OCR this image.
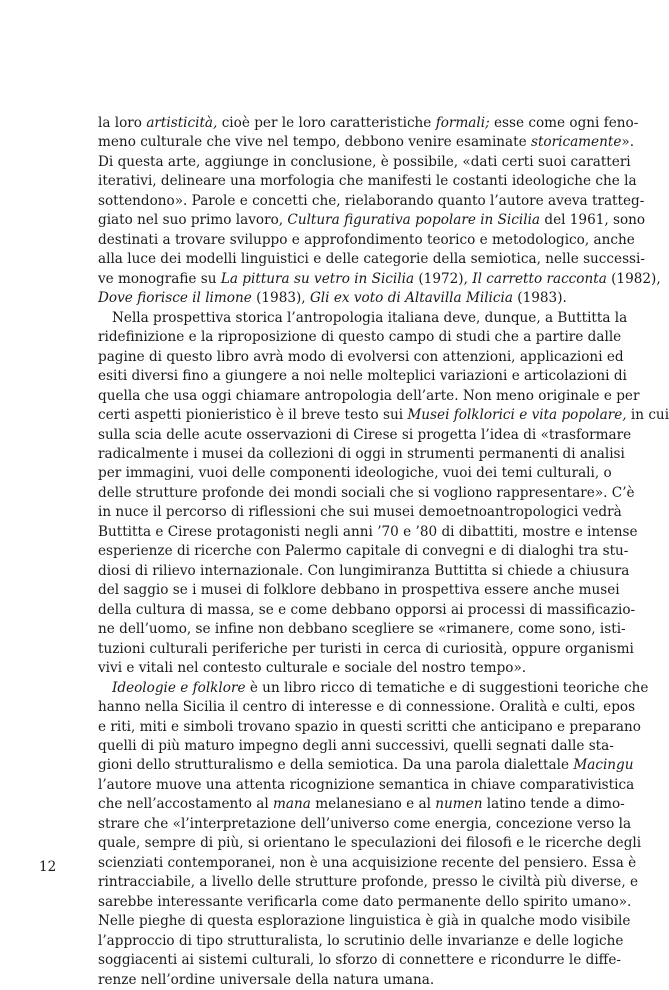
la loro artisticità, cioè per le loro caratteristiche formali; esse come ogni feno-
meno culturale che vive nel tempo, debbono venire esaminate storicamente».
Di questa arte, aggiunge in conclusione, è possibile, «dati certi suoi caratteri
iterativi, delineare una morfologia che manifesti le costanti ideologiche che la
sottendono». Parole e concetti che, rielaborando quanto l’autore aveva tratteg-
giato nel suo primo lavoro, Cultura figurativa popolare in Sicilia del 1961, sono
destinati a trovare sviluppo e approfondimento teorico e metodologico, anche
alla luce dei modelli linguistici e delle categorie della semiotica, nelle successi-
ve monografie su La pittura su vetro in Sicilia (1972), Il carretto racconta (1982),
Dove fiorisce il limone (1983), Gli ex voto di Altavilla Milicia (1983).
Nella prospettiva storica l’antropologia italiana deve, dunque, a Buttitta la
ridefinizione e la riproposizione di questo campo di studi che a partire dalle
pagine di questo libro avrà modo di evolversi con attenzioni, applicazioni ed
esiti diversi fino a giungere a noi nelle molteplici variazioni e articolazioni di
quella che usa oggi chiamare antropologia dell’arte. Non meno originale e per
certi aspetti pionieristico è il breve testo sui Musei folklorici e vita popolare, in cui
sulla scia delle acute osservazioni di Cirese si progetta l’idea di «trasformare
radicalmente i musei da collezioni di oggi in strumenti permanenti di analisi
per immagini, vuoi delle componenti ideologiche, vuoi dei temi culturali, o
delle strutture profonde dei mondi sociali che si vogliono rappresentare». C’è
in nuce il percorso di riflessioni che sui musei demoetnoantropologici vedrà
Buttitta e Cirese protagonisti negli anni ’70 e ’80 di dibattiti, mostre e intense
esperienze di ricerche con Palermo capitale di convegni e di dialoghi tra stu-
diosi di rilievo internazionale. Con lungimiranza Buttitta si chiede a chiusura
del saggio se i musei di folklore debbano in prospettiva essere anche musei
della cultura di massa, se e come debbano opporsi ai processi di massificazio-
ne dell’uomo, se infine non debbano scegliere se «rimanere, come sono, isti-
tuzioni culturali periferiche per turisti in cerca di curiosità, oppure organismi
vivi e vitali nel contesto culturale e sociale del nostro tempo».
Ideologie e folklore è un libro ricco di tematiche e di suggestioni teoriche che
hanno nella Sicilia il centro di interesse e di connessione. Oralità e culti, epos
e riti, miti e simboli trovano spazio in questi scritti che anticipano e preparano
quelli di più maturo impegno degli anni successivi, quelli segnati dalle sta-
gioni dello strutturalismo e della semiotica. Da una parola dialettale Macingu
l’autore muove una attenta ricognizione semantica in chiave comparativistica
che nell’accostamento al mana melanesiano e al numen latino tende a dimo-
strare che «l’interpretazione dell’universo come energia, concezione verso la
quale, sempre di più, si orientano le speculazioni dei filosofi e le ricerche degli
scienziati contemporanei, non è una acquisizione recente del pensiero. Essa è
rintracciabile, a livello delle strutture profonde, presso le civiltà più diverse, e
sarebbe interessante verificarla come dato permanente dello spirito umano».
Nelle pieghe di questa esplorazione linguistica è già in qualche modo visibile
l’approccio di tipo strutturalista, lo scrutinio delle invarianze e delle logiche
soggiacenti ai sistemi culturali, lo sforzo di connettere e ricondurre le diffe-
renze nell’ordine universale della natura umana.
12
